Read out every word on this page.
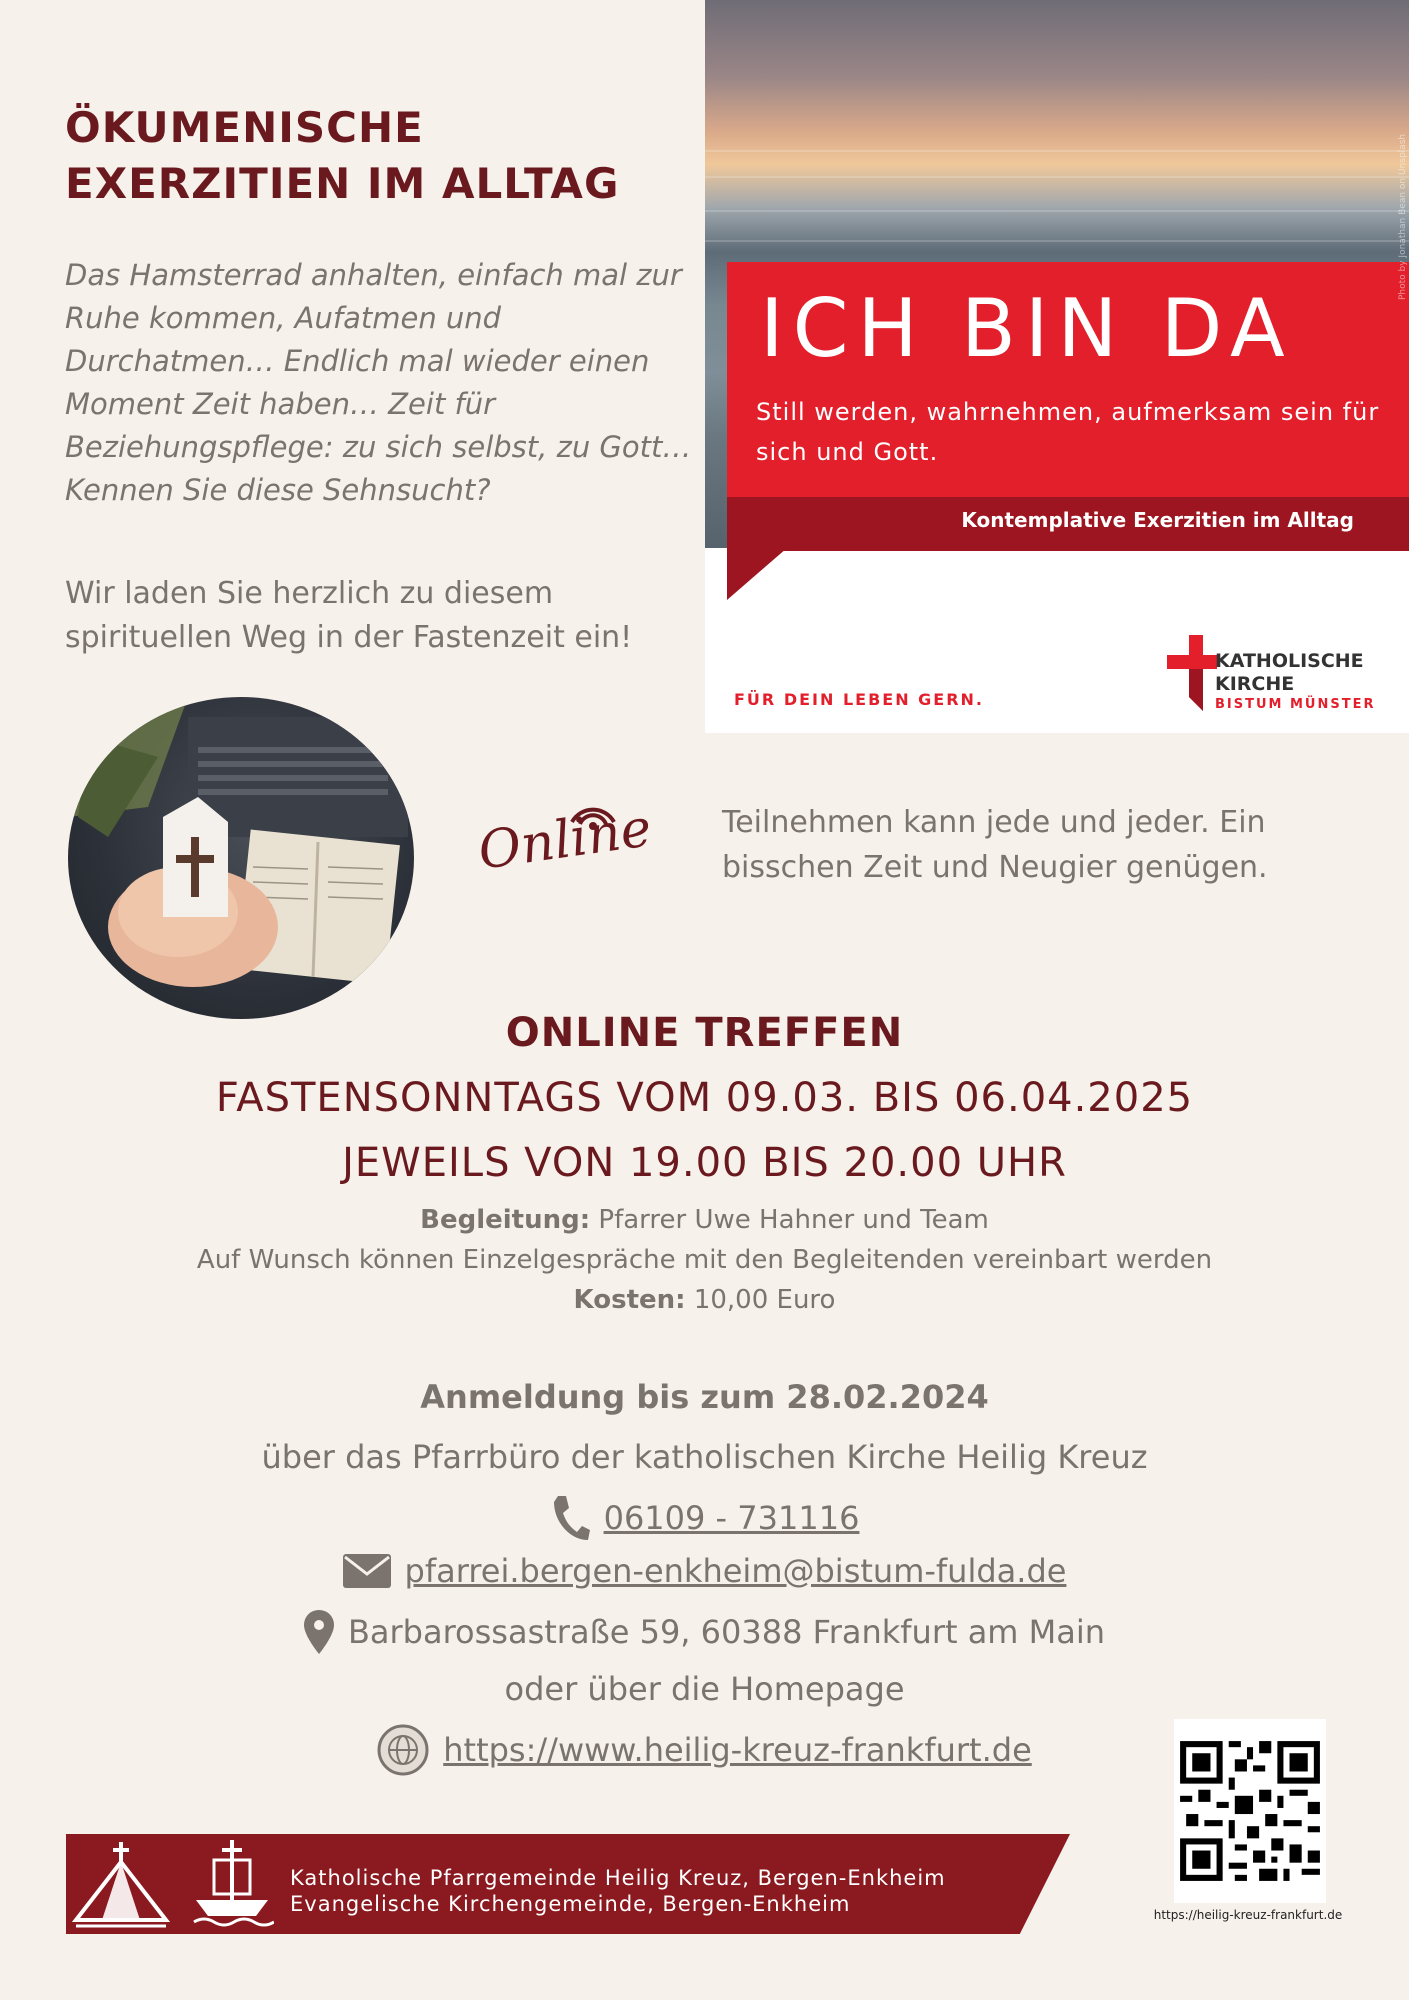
ÖKUMENISCHE
EXERZITIEN IM ALLTAG

Das Hamsterrad anhalten, einfach mal zur Ruhe kommen, Aufatmen und Durchatmen… Endlich mal wieder einen Moment Zeit haben… Zeit für Beziehungspflege: zu sich selbst, zu Gott… Kennen Sie diese Sehnsucht?

Wir laden Sie herzlich zu diesem spirituellen Weg in der Fastenzeit ein!

Photo by Jonathan Bean on Unsplash
ICH BIN DA

Still werden, wahrnehmen, aufmerksam sein für sich und Gott.

Kontemplative Exerzitien im Alltag

FÜR DEIN LEBEN GERN.

KATHOLISCHE
KIRCHE

BISTUM MÜNSTER

Online Teilnehmen kann jede und jeder. Ein bisschen Zeit und Neugier genügen.

ONLINE TREFFEN

FASTENSONNTAGS VOM 09.03. BIS 06.04.2025

JEWEILS VON 19.00 BIS 20.00 UHR

Begleitung: Pfarrer Uwe Hahner und Team

Auf Wunsch können Einzelgespräche mit den Begleitenden vereinbart werden

Kosten: 10,00 Euro

Anmeldung bis zum 28.02.2024

über das Pfarrbüro der katholischen Kirche Heilig Kreuz

06109 - 731116
pfarrei.bergen-enkheim@bistum-fulda.de
Barbarossastraße 59, 60388 Frankfurt am Main

oder über die Homepage

https://www.heilig-kreuz-frankfurt.de

Katholische Pfarrgemeinde Heilig Kreuz, Bergen-Enkheim
Evangelische Kirchengemeinde, Bergen-Enkheim	https://heilig-kreuz-frankfurt.de
